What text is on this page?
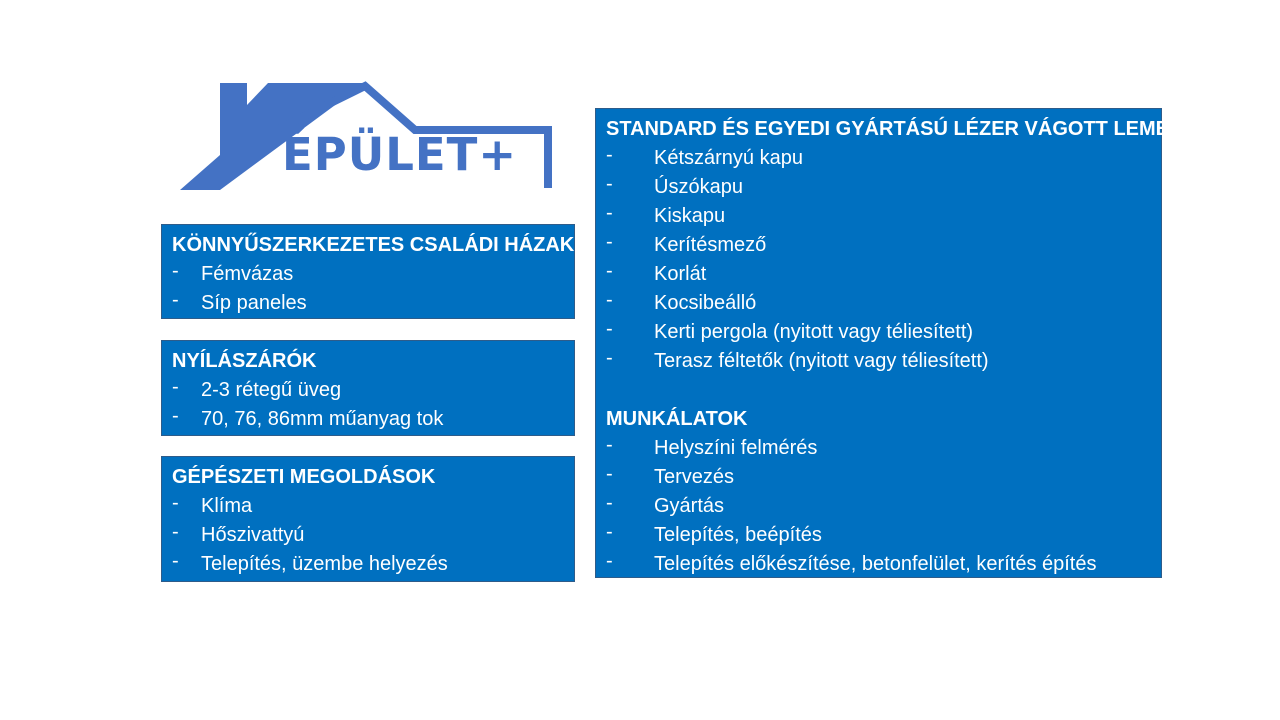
ÉPÜLET+
KÖNNYŰSZERKEZETES CSALÁDI HÁZAK
- Fémvázas
- Síp paneles
NYÍLÁSZÁRÓK
- 2-3 rétegű üveg
- 70, 76, 86mm műanyag tok
GÉPÉSZETI MEGOLDÁSOK
- Klíma
- Hőszivattyú
- Telepítés, üzembe helyezés
STANDARD ÉS EGYEDI GYÁRTÁSÚ LÉZER VÁGOTT LEMEZ
- Kétszárnyú kapu
- Úszókapu
- Kiskapu
- Kerítésmező
- Korlát
- Kocsibeálló
- Kerti pergola (nyitott vagy téliesített)
- Terasz féltetők (nyitott vagy téliesített)
MUNKÁLATOK
- Helyszíni felmérés
- Tervezés
- Gyártás
- Telepítés, beépítés
- Telepítés előkészítése, betonfelület, kerítés építés
